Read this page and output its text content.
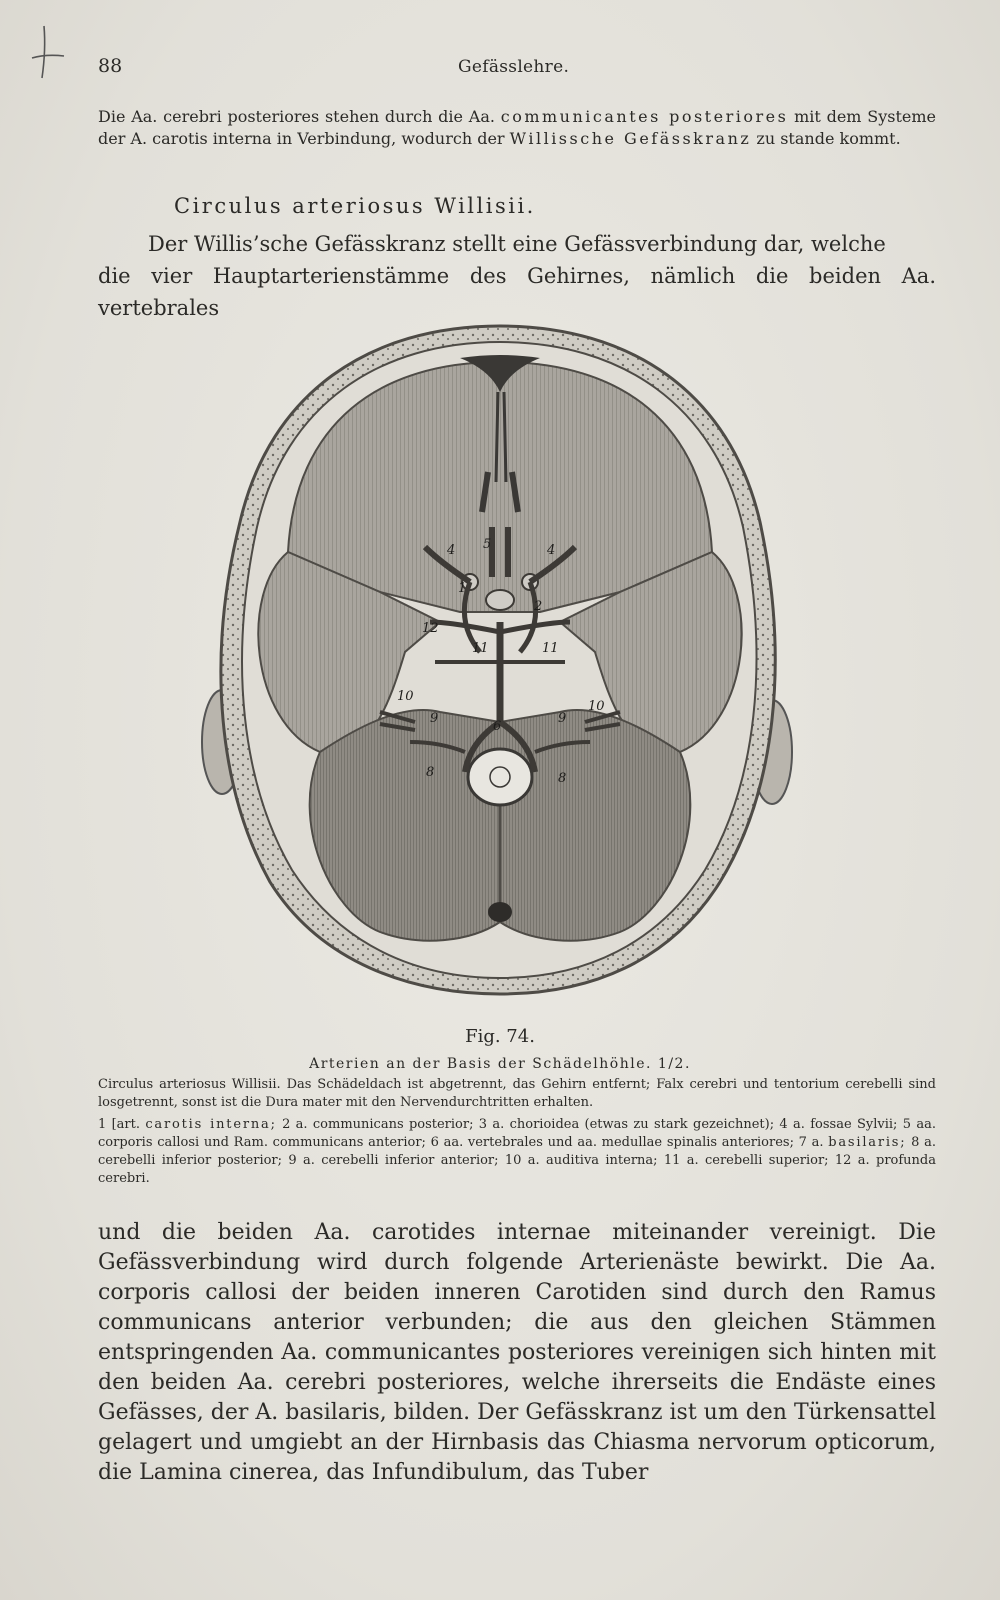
88	Gefässlehre.
Die Aa. cerebri posteriores stehen durch die Aa. communicantes posteriores mit dem Systeme der A. carotis interna in Verbindung, wodurch der Willissche Gefässkranz zu stande kommt.
Circulus arteriosus Willisii.
Der Willis’sche Gefässkranz stellt eine Gefässverbindung dar, welche
die vier Hauptarterienstämme des Gehirnes, nämlich die beiden Aa. vertebrales
4 5	4
1
2
12
11	11
10
10
9	9
6
8	8
Fig. 74.
Arterien an der Basis der Schädelhöhle. 1/2.

Circulus arteriosus Willisii. Das Schädeldach ist abgetrennt, das Gehirn entfernt; Falx cerebri und tentorium cerebelli sind losgetrennt, sonst ist die Dura mater mit den Nervendurchtritten erhalten.

1 [art. carotis interna; 2 a. communicans posterior; 3 a. chorioidea (etwas zu stark gezeichnet); 4 a. fossae Sylvii; 5 aa. corporis callosi und Ram. communicans anterior; 6 aa. vertebrales und aa. medullae spinalis anteriores; 7 a. basilaris; 8 a. cerebelli inferior posterior; 9 a. cerebelli inferior anterior; 10 a. auditiva interna; 11 a. cerebelli superior; 12 a. profunda cerebri.

und die beiden Aa. carotides internae miteinander vereinigt. Die Gefässverbindung wird durch folgende Arterienäste bewirkt. Die Aa. corporis callosi der beiden inneren Carotiden sind durch den Ramus communicans anterior verbunden; die aus den gleichen Stämmen entspringenden Aa. communicantes posteriores vereinigen sich hinten mit den beiden Aa. cerebri posteriores, welche ihrerseits die Endäste eines Gefässes, der A. basilaris, bilden. Der Gefässkranz ist um den Türkensattel gelagert und umgiebt an der Hirnbasis das Chiasma nervorum opticorum, die Lamina cinerea, das Infundibulum, das Tuber
